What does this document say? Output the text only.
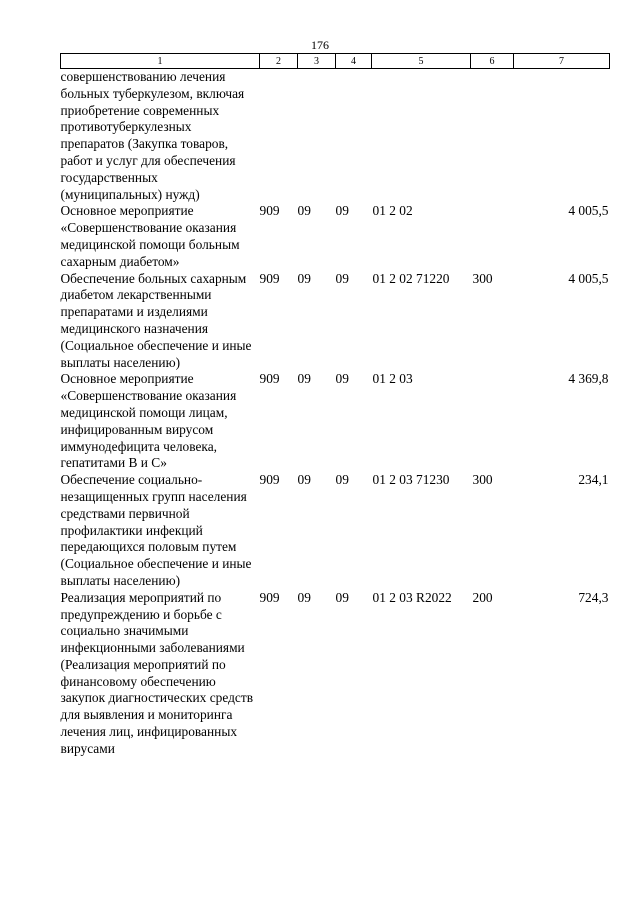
176
1	2	3	4	5	6	7
совершенствованию лечения больных туберкулезом, включая приобретение современных противотуберкулезных препаратов (Закупка товаров, работ и услуг для обеспечения государственных (муниципальных) нужд)						
Основное мероприятие «Совершенствование оказания медицинской помощи больным сахарным диабетом»	909	09	09	01 2 02		4 005,5
Обеспечение больных сахарным диабетом лекарственными препаратами и изделиями медицинского назначения (Социальное обеспечение и иные выплаты населению)	909	09	09	01 2 02 71220	300	4 005,5
Основное мероприятие «Совершенствование оказания медицинской помощи лицам, инфицированным вирусом иммунодефицита человека, гепатитами В и С»	909	09	09	01 2 03		4 369,8
Обеспечение социально-незащищенных групп населения средствами первичной профилактики инфекций передающихся половым путем (Социальное обеспечение и иные выплаты населению)	909	09	09	01 2 03 71230	300	234,1
Реализация мероприятий по предупреждению и борьбе с социально значимыми инфекционными заболеваниями (Реализация мероприятий по финансовому обеспечению закупок диагностических средств для выявления и мониторинга лечения лиц, инфицированных вирусами	909	09	09	01 2 03 R2022	200	724,3
